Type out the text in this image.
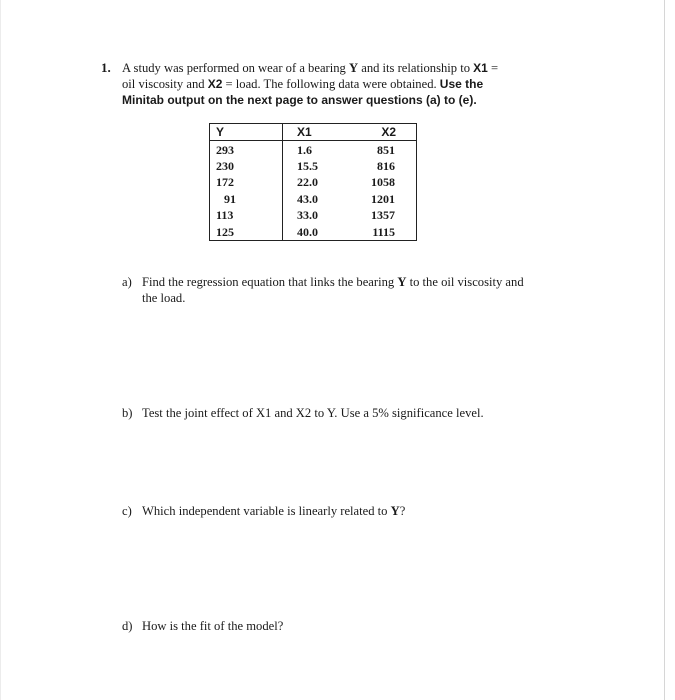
1. A study was performed on wear of a bearing Y and its relationship to X1 =
oil viscosity and X2 = load. The following data were obtained. Use the
Minitab output on the next page to answer questions (a) to (e).
Y	X1	X2
293	1.6	851
230	15.5	816
172	22.0	1058
91	43.0	1201
113	33.0	1357
125	40.0	1115
a) Find the regression equation that links the bearing Y to the oil viscosity and
the load.
b) Test the joint effect of X1 and X2 to Y. Use a 5% significance level.
c) Which independent variable is linearly related to Y?
d) How is the fit of the model?
